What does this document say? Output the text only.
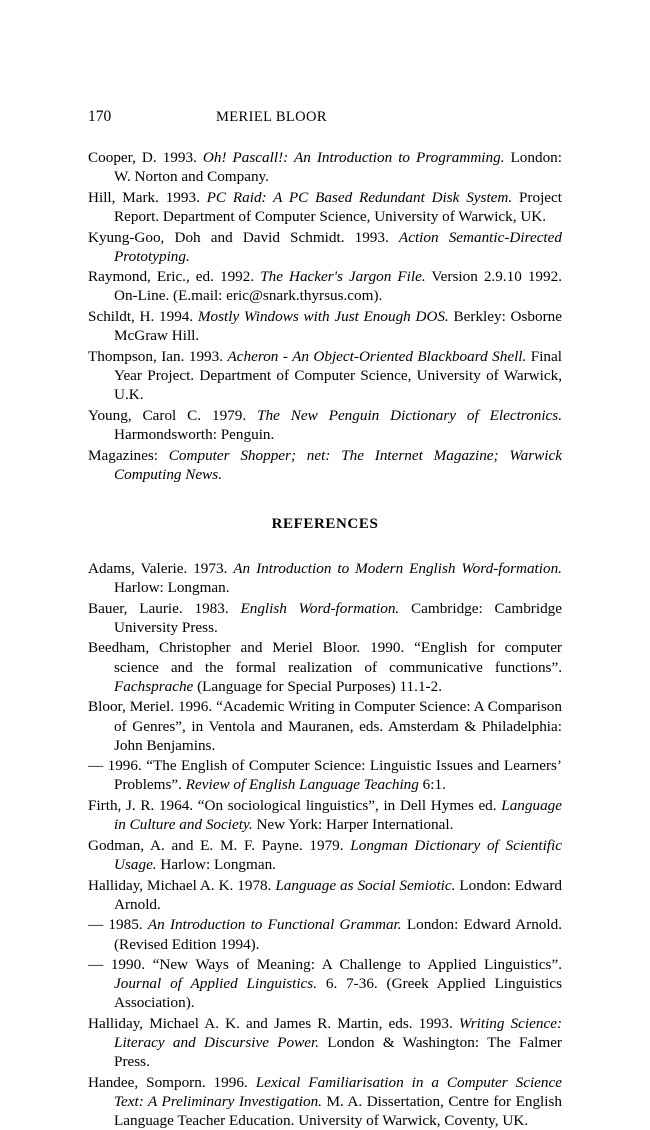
170	MERIEL BLOOR
Cooper, D. 1993. Oh! Pascall!: An Introduction to Programming. London: W. Norton and Company.
Hill, Mark. 1993. PC Raid: A PC Based Redundant Disk System. Project Report. Department of Computer Science, University of Warwick, UK.
Kyung-Goo, Doh and David Schmidt. 1993. Action Semantic-Directed Prototyping.
Raymond, Eric., ed. 1992. The Hacker's Jargon File. Version 2.9.10 1992. On-Line. (E.mail: eric@snark.thyrsus.com).
Schildt, H. 1994. Mostly Windows with Just Enough DOS. Berkley: Osborne McGraw Hill.
Thompson, Ian. 1993. Acheron - An Object-Oriented Blackboard Shell. Final Year Project. Department of Computer Science, University of Warwick, U.K.
Young, Carol C. 1979. The New Penguin Dictionary of Electronics. Harmondsworth: Penguin.
Magazines: Computer Shopper; net: The Internet Magazine; Warwick Computing News.
REFERENCES
Adams, Valerie. 1973. An Introduction to Modern English Word-formation. Harlow: Longman.
Bauer, Laurie. 1983. English Word-formation. Cambridge: Cambridge University Press.
Beedham, Christopher and Meriel Bloor. 1990. “English for computer science and the formal realization of communicative functions”. Fachsprache (Language for Special Purposes) 11.1-2.
Bloor, Meriel. 1996. “Academic Writing in Computer Science: A Comparison of Genres”, in Ventola and Mauranen, eds. Amsterdam & Philadelphia: John Benjamins.
— 1996. “The English of Computer Science: Linguistic Issues and Learners’ Problems”. Review of English Language Teaching 6:1.
Firth, J. R. 1964. “On sociological linguistics”, in Dell Hymes ed. Language in Culture and Society. New York: Harper International.
Godman, A. and E. M. F. Payne. 1979. Longman Dictionary of Scientific Usage. Harlow: Longman.
Halliday, Michael A. K. 1978. Language as Social Semiotic. London: Edward Arnold.
— 1985. An Introduction to Functional Grammar. London: Edward Arnold. (Revised Edition 1994).
— 1990. “New Ways of Meaning: A Challenge to Applied Linguistics”. Journal of Applied Linguistics. 6. 7-36. (Greek Applied Linguistics Association).
Halliday, Michael A. K. and James R. Martin, eds. 1993. Writing Science: Literacy and Discursive Power. London & Washington: The Falmer Press.
Handee, Somporn. 1996. Lexical Familiarisation in a Computer Science Text: A Preliminary Investigation. M. A. Dissertation, Centre for English Language Teacher Education. University of Warwick, Coventy, UK.
